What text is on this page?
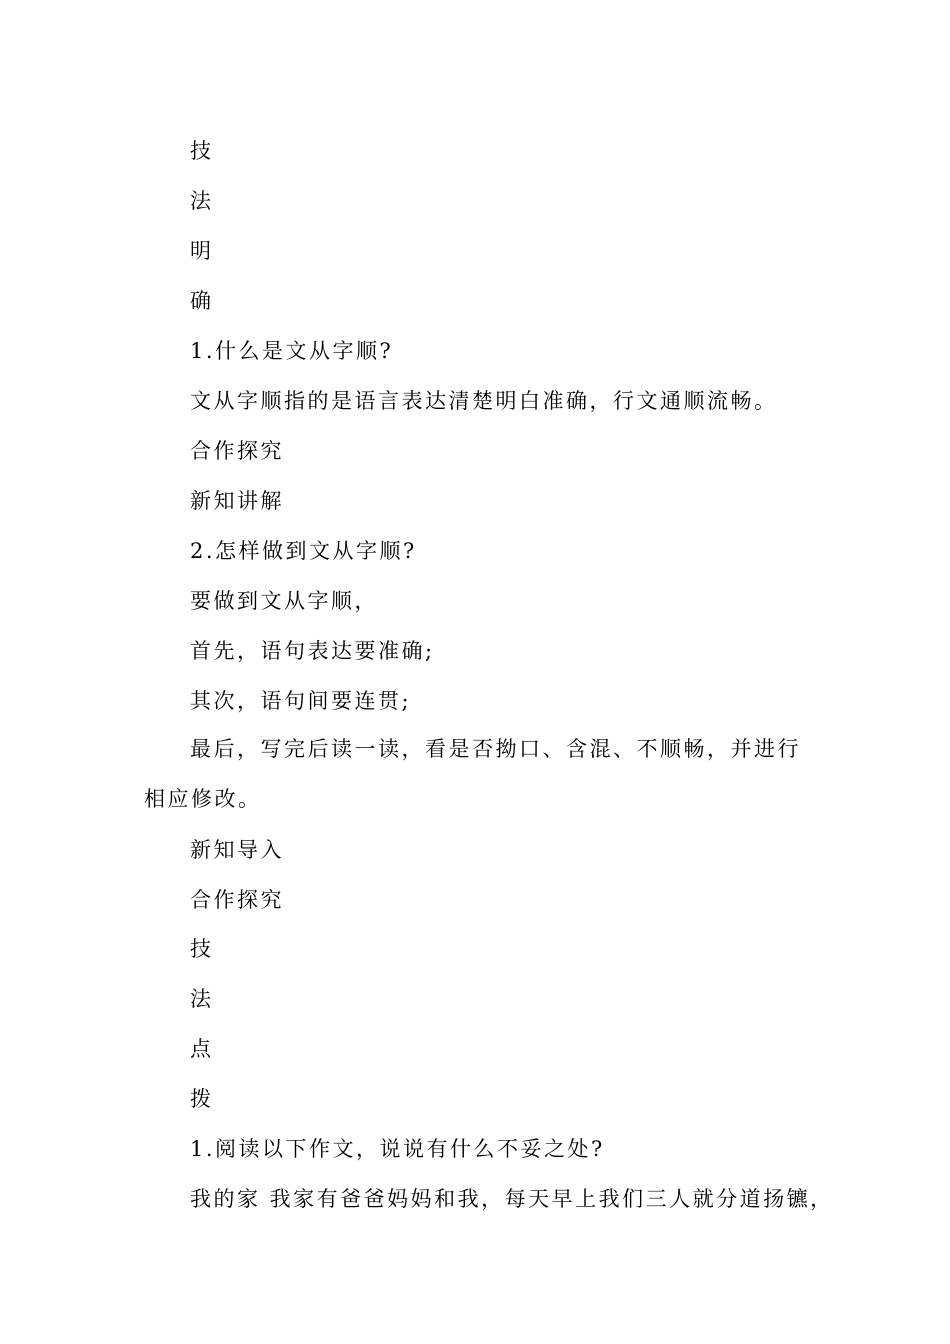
技

法

明

确

1.什么是文从字顺?

文从字顺指的是语言表达清楚明白准确，行文通顺流畅。

合作探究

新知讲解

2.怎样做到文从字顺?

要做到文从字顺，

首先，语句表达要准确;

其次，语句间要连贯;

最后，写完后读一读，看是否拗口、含混、不顺畅，并进行相应修改。

新知导入

合作探究

技

法

点

拨

1.阅读以下作文，说说有什么不妥之处?

我的家 我家有爸爸妈妈和我，每天早上我们三人就分道扬镳，
